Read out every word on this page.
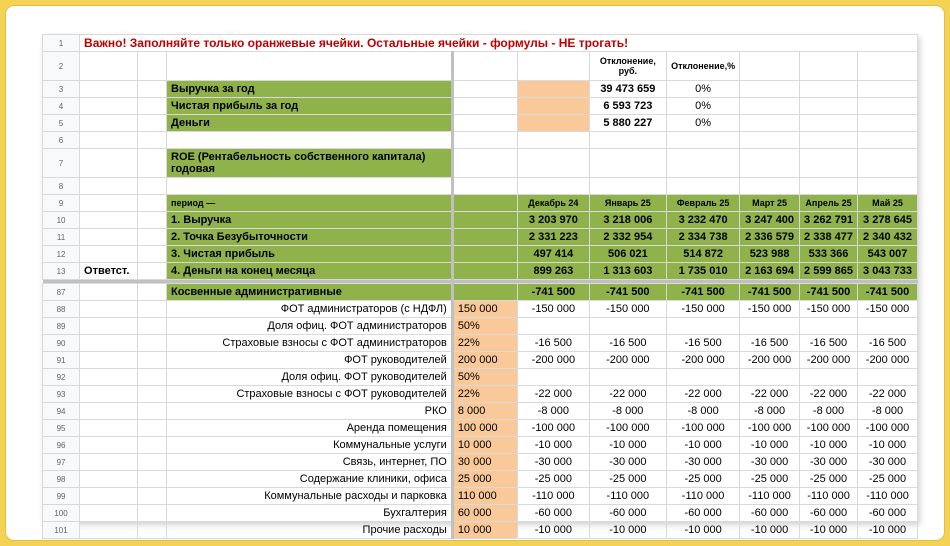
1	Важно! Заполняйте только оранжевые ячейки. Остальные ячейки - формулы - НЕ трогать!									
2						Отклонение, руб.	Отклонение,%			
3			Выручка за год			39 473 659	0%			
4			Чистая прибыль за год			6 593 723	0%			
5			Деньги			5 880 227	0%			
6										
7			ROE (Рентабельность собственного капитала) годовая							
8										
9			период —		Декабрь 24	Январь 25	Февраль 25	Март 25	Апрель 25	Май 25
10			1. Выручка		3 203 970	3 218 006	3 232 470	3 247 400	3 262 791	3 278 645
11			2. Точка Безубыточности		2 331 223	2 332 954	2 334 738	2 336 579	2 338 477	2 340 432
12			3. Чистая прибыль		497 414	506 021	514 872	523 988	533 366	543 007
13	Ответст.		4. Деньги на конец месяца		899 263	1 313 603	1 735 010	2 163 694	2 599 865	3 043 733

87			Косвенные административные		-741 500	-741 500	-741 500	-741 500	-741 500	-741 500
88			ФОТ администраторов (с НДФЛ)	150 000	-150 000	-150 000	-150 000	-150 000	-150 000	-150 000
89			Доля офиц. ФОТ администраторов	50%						
90			Страховые взносы с ФОТ администраторов	22%	-16 500	-16 500	-16 500	-16 500	-16 500	-16 500
91			ФОТ руководителей	200 000	-200 000	-200 000	-200 000	-200 000	-200 000	-200 000
92			Доля офиц. ФОТ руководителей	50%						
93			Страховые взносы с ФОТ руководителей	22%	-22 000	-22 000	-22 000	-22 000	-22 000	-22 000
94			РКО	8 000	-8 000	-8 000	-8 000	-8 000	-8 000	-8 000
95			Аренда помещения	100 000	-100 000	-100 000	-100 000	-100 000	-100 000	-100 000
96			Коммунальные услуги	10 000	-10 000	-10 000	-10 000	-10 000	-10 000	-10 000
97			Связь, интернет, ПО	30 000	-30 000	-30 000	-30 000	-30 000	-30 000	-30 000
98			Содержание клиники, офиса	25 000	-25 000	-25 000	-25 000	-25 000	-25 000	-25 000
99			Коммунальные расходы и парковка	110 000	-110 000	-110 000	-110 000	-110 000	-110 000	-110 000
100			Бухгалтерия	60 000	-60 000	-60 000	-60 000	-60 000	-60 000	-60 000
101			Прочие расходы	10 000	-10 000	-10 000	-10 000	-10 000	-10 000	-10 000
